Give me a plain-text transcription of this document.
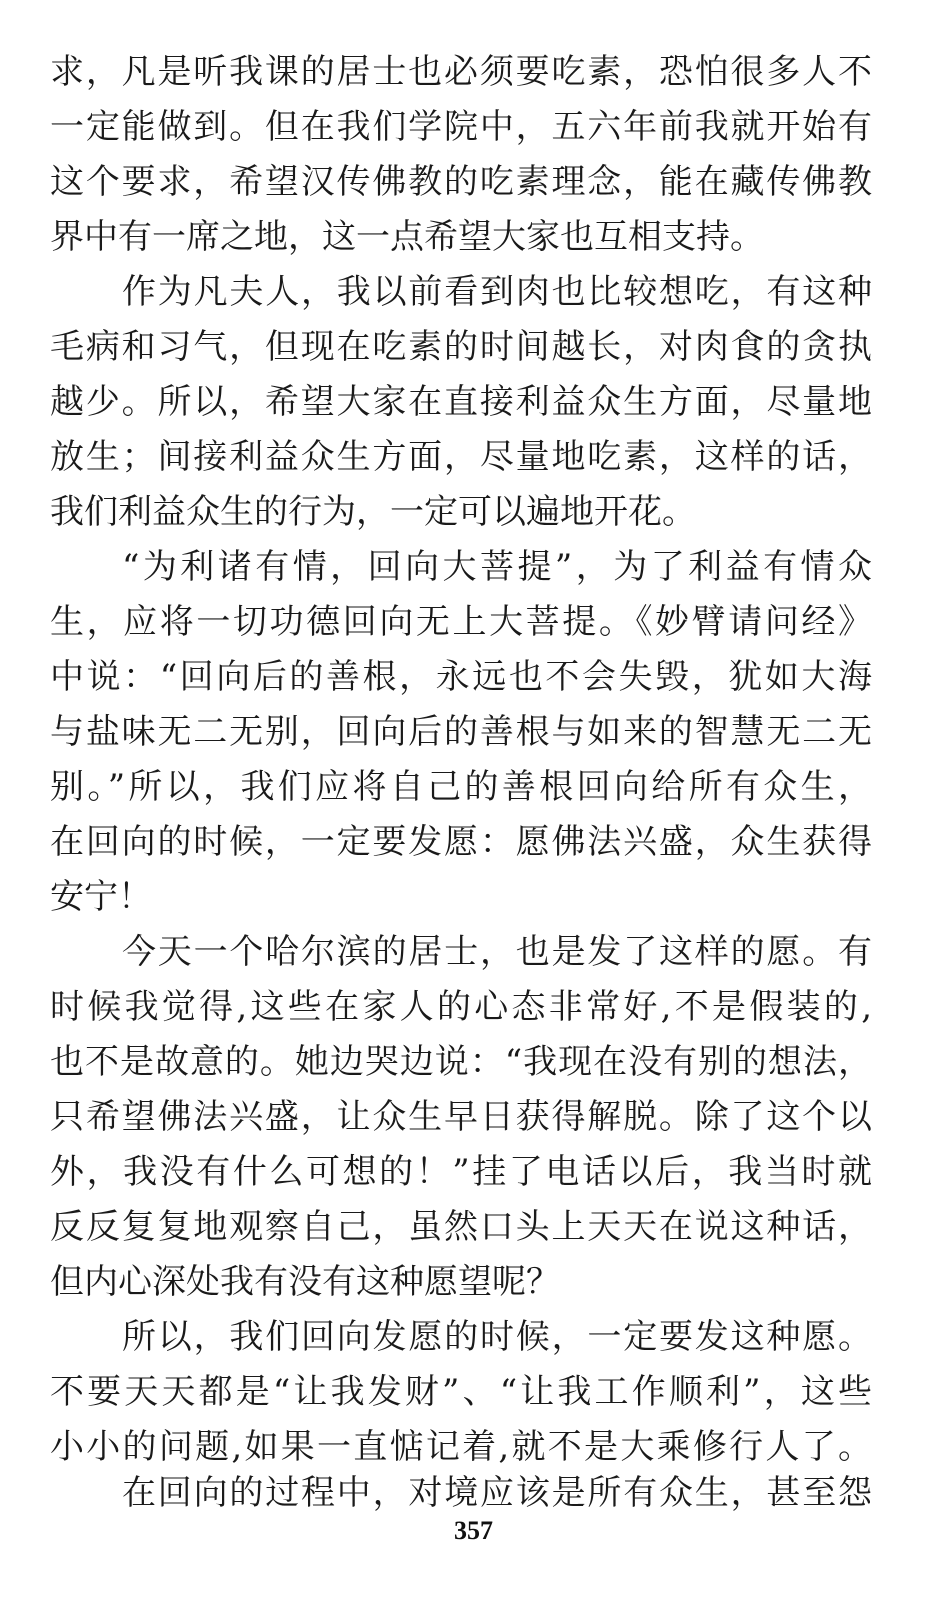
求，凡是听我课的居士也必须要吃素，恐怕很多人不
一定能做到。但在我们学院中，五六年前我就开始有
这个要求，希望汉传佛教的吃素理念，能在藏传佛教
界中有一席之地，这一点希望大家也互相支持。
作为凡夫人，我以前看到肉也比较想吃，有这种
毛病和习气，但现在吃素的时间越长，对肉食的贪执
越少。所以，希望大家在直接利益众生方面，尽量地
放生；间接利益众生方面，尽量地吃素，这样的话，
我们利益众生的行为，一定可以遍地开花。
“为利诸有情，回向大菩提”，为了利益有情众
生，应将一切功德回向无上大菩提。《妙臂请问经》
中说：“回向后的善根，永远也不会失毁，犹如大海
与盐味无二无别，回向后的善根与如来的智慧无二无
别。”所以，我们应将自己的善根回向给所有众生，
在回向的时候，一定要发愿：愿佛法兴盛，众生获得
安宁！
今天一个哈尔滨的居士，也是发了这样的愿。有
时候我觉得,这些在家人的心态非常好,不是假装的,
也不是故意的。她边哭边说：“我现在没有别的想法，
只希望佛法兴盛，让众生早日获得解脱。除了这个以
外，我没有什么可想的！”挂了电话以后，我当时就
反反复复地观察自己，虽然口头上天天在说这种话，
但内心深处我有没有这种愿望呢？
所以，我们回向发愿的时候，一定要发这种愿。
不要天天都是“让我发财”、“让我工作顺利”，这些
小小的问题,如果一直惦记着,就不是大乘修行人了。
在回向的过程中，对境应该是所有众生，甚至怨
357
